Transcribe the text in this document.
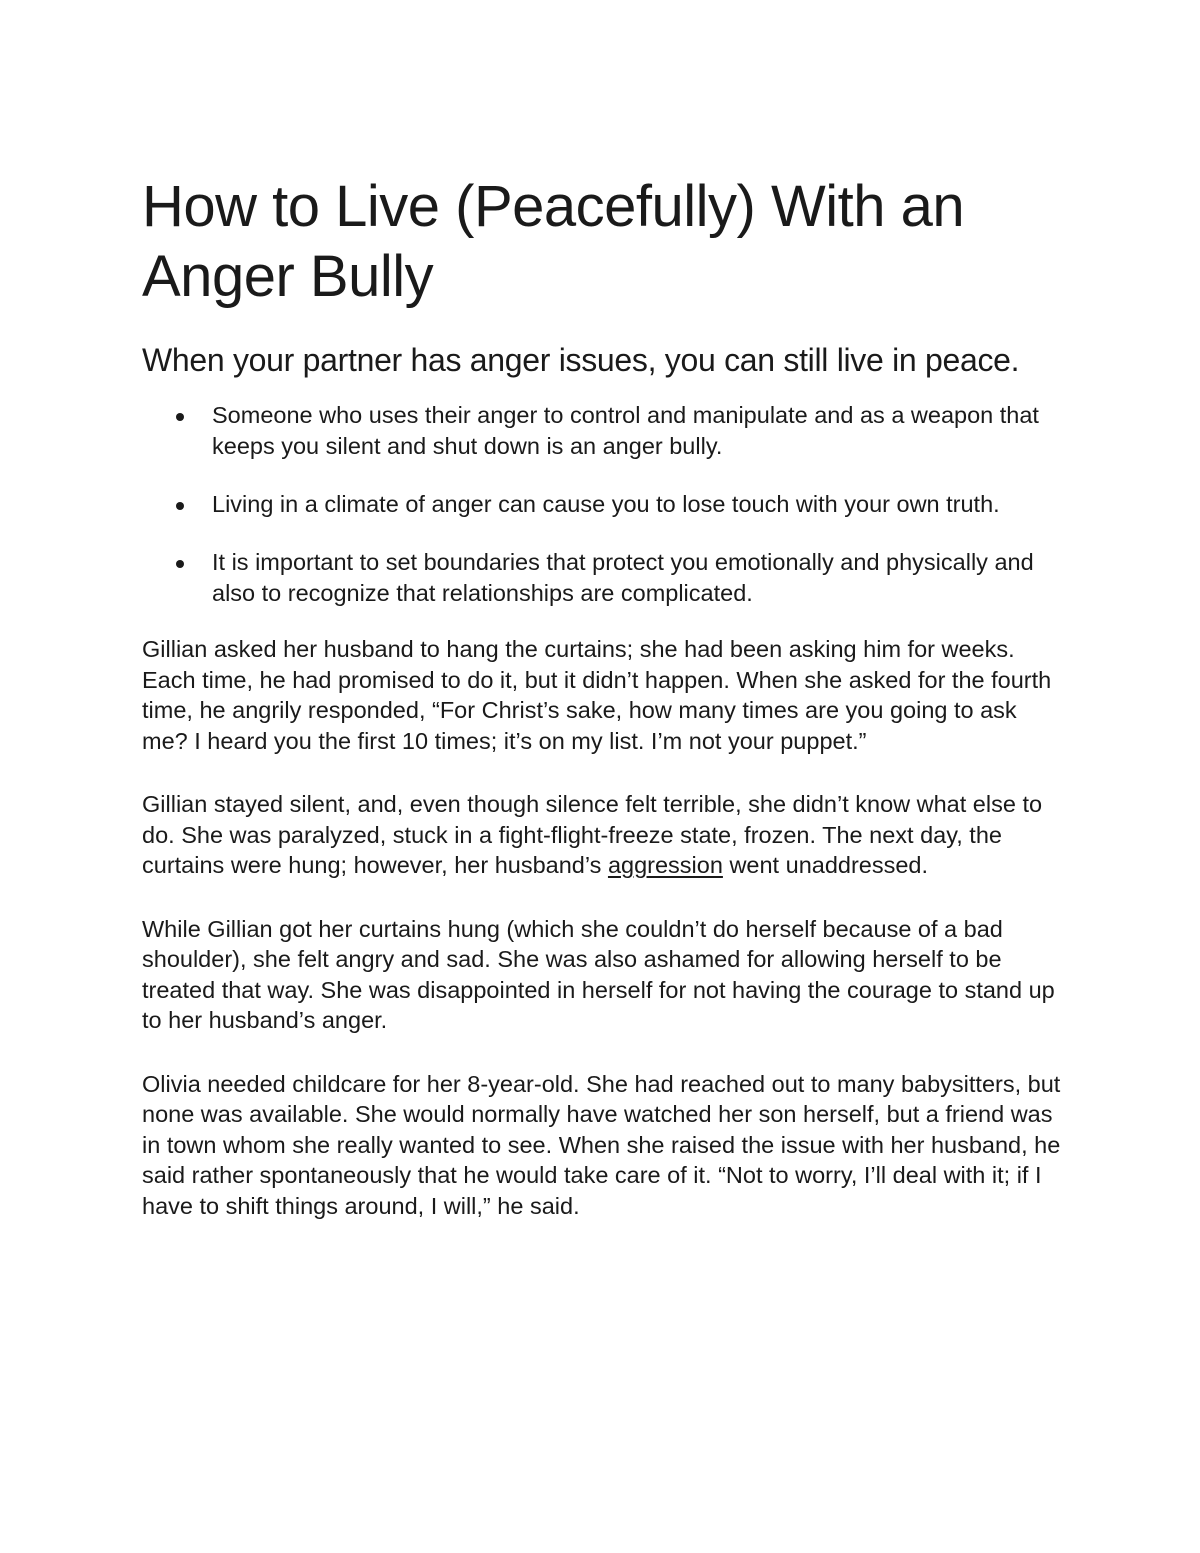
How to Live (Peacefully) With an Anger Bully
When your partner has anger issues, you can still live in peace.
Someone who uses their anger to control and manipulate and as a weapon that keeps you silent and shut down is an anger bully.
Living in a climate of anger can cause you to lose touch with your own truth.
It is important to set boundaries that protect you emotionally and physically and also to recognize that relationships are complicated.

Gillian asked her husband to hang the curtains; she had been asking him for weeks. Each time, he had promised to do it, but it didn’t happen. When she asked for the fourth time, he angrily responded, “For Christ’s sake, how many times are you going to ask me? I heard you the first 10 times; it’s on my list. I’m not your puppet.”

Gillian stayed silent, and, even though silence felt terrible, she didn’t know what else to do. She was paralyzed, stuck in a fight-flight-freeze state, frozen. The next day, the curtains were hung; however, her husband’s aggression went unaddressed.

While Gillian got her curtains hung (which she couldn’t do herself because of a bad shoulder), she felt angry and sad. She was also ashamed for allowing herself to be treated that way. She was disappointed in herself for not having the courage to stand up to her husband’s anger.

Olivia needed childcare for her 8-year-old. She had reached out to many babysitters, but none was available. She would normally have watched her son herself, but a friend was in town whom she really wanted to see. When she raised the issue with her husband, he said rather spontaneously that he would take care of it. “Not to worry, I’ll deal with it; if I have to shift things around, I will,” he said.
